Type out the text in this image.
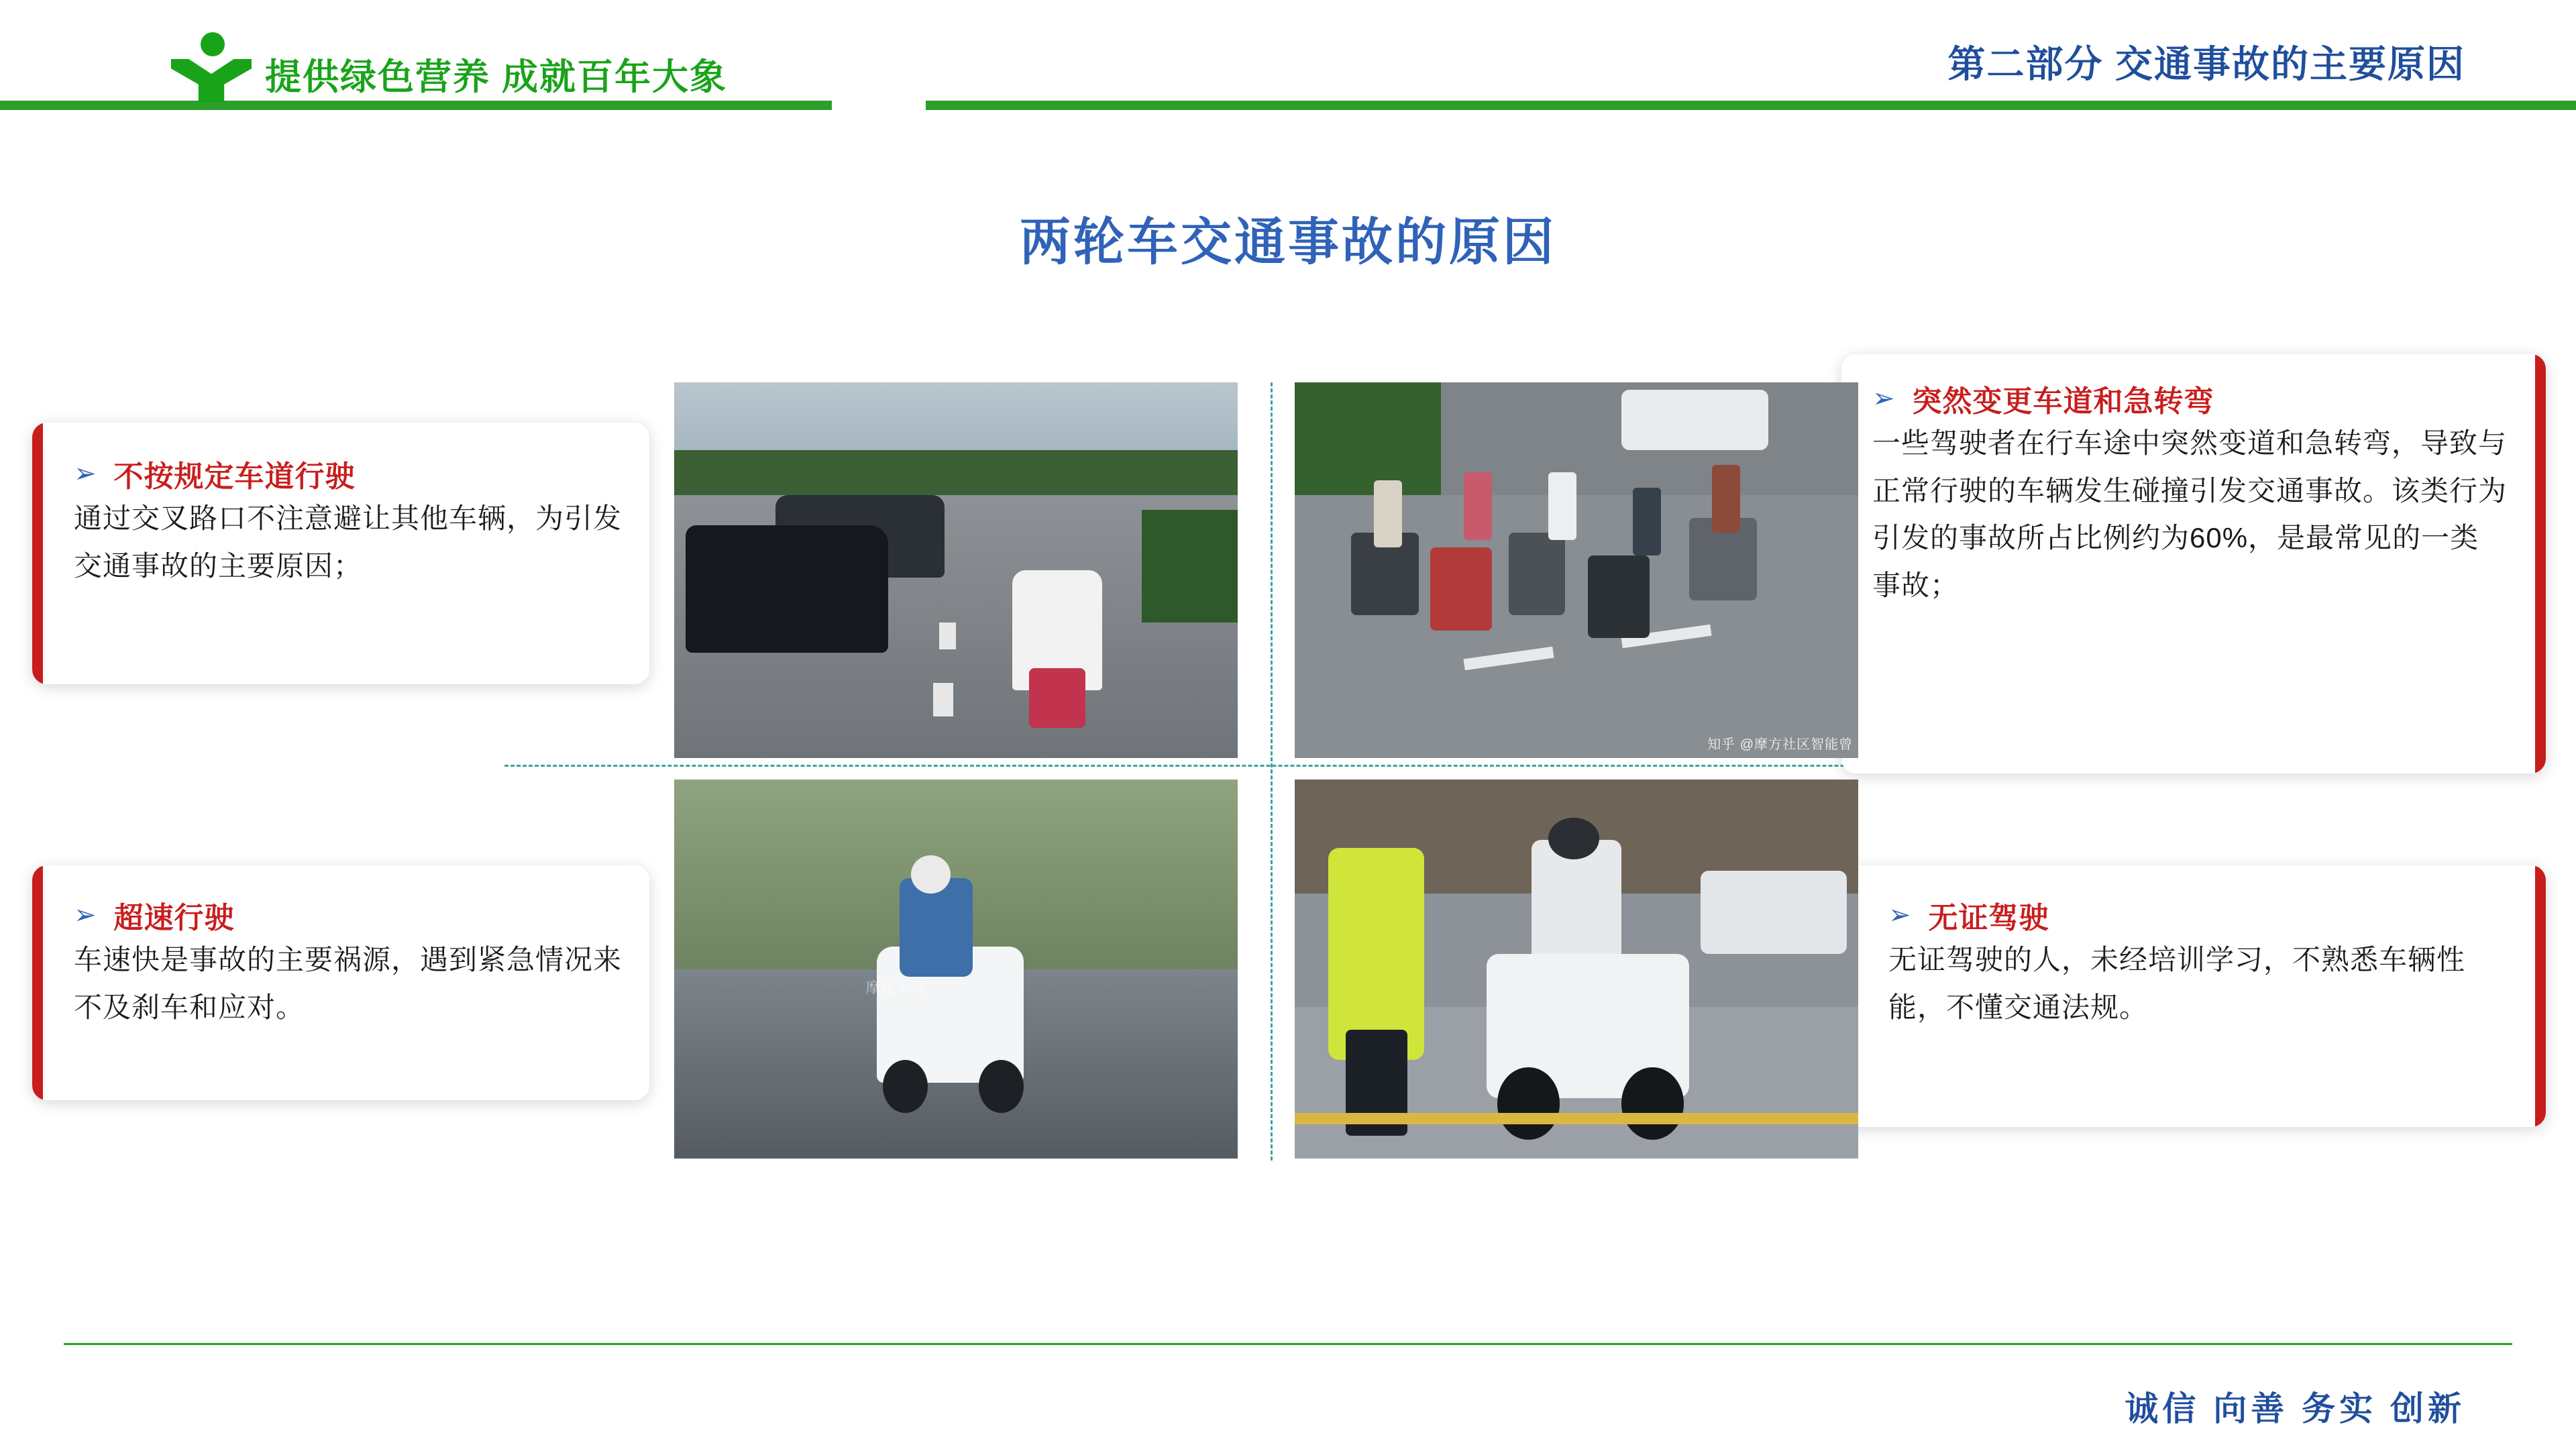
提供绿色营养 成就百年大象	第二部分 交通事故的主要原因
两轮车交通事故的原因
➢ 不按规定车道行驶
通过交叉路口不注意避让其他车辆，为引发交通事故的主要原因；
➢ 突然变更车道和急转弯
一些驾驶者在行车途中突然变道和急转弯，导致与正常行驶的车辆发生碰撞引发交通事故。该类行为引发的事故所占比例约为60%，是最常见的一类事故；
➢ 超速行驶
车速快是事故的主要祸源，遇到紧急情况来不及刹车和应对。
➢ 无证驾驶
无证驾驶的人，未经培训学习，不熟悉车辆性能，不懂交通法规。
知乎 @摩方社区智能曾
摩托车网
诚信 向善 务实 创新
